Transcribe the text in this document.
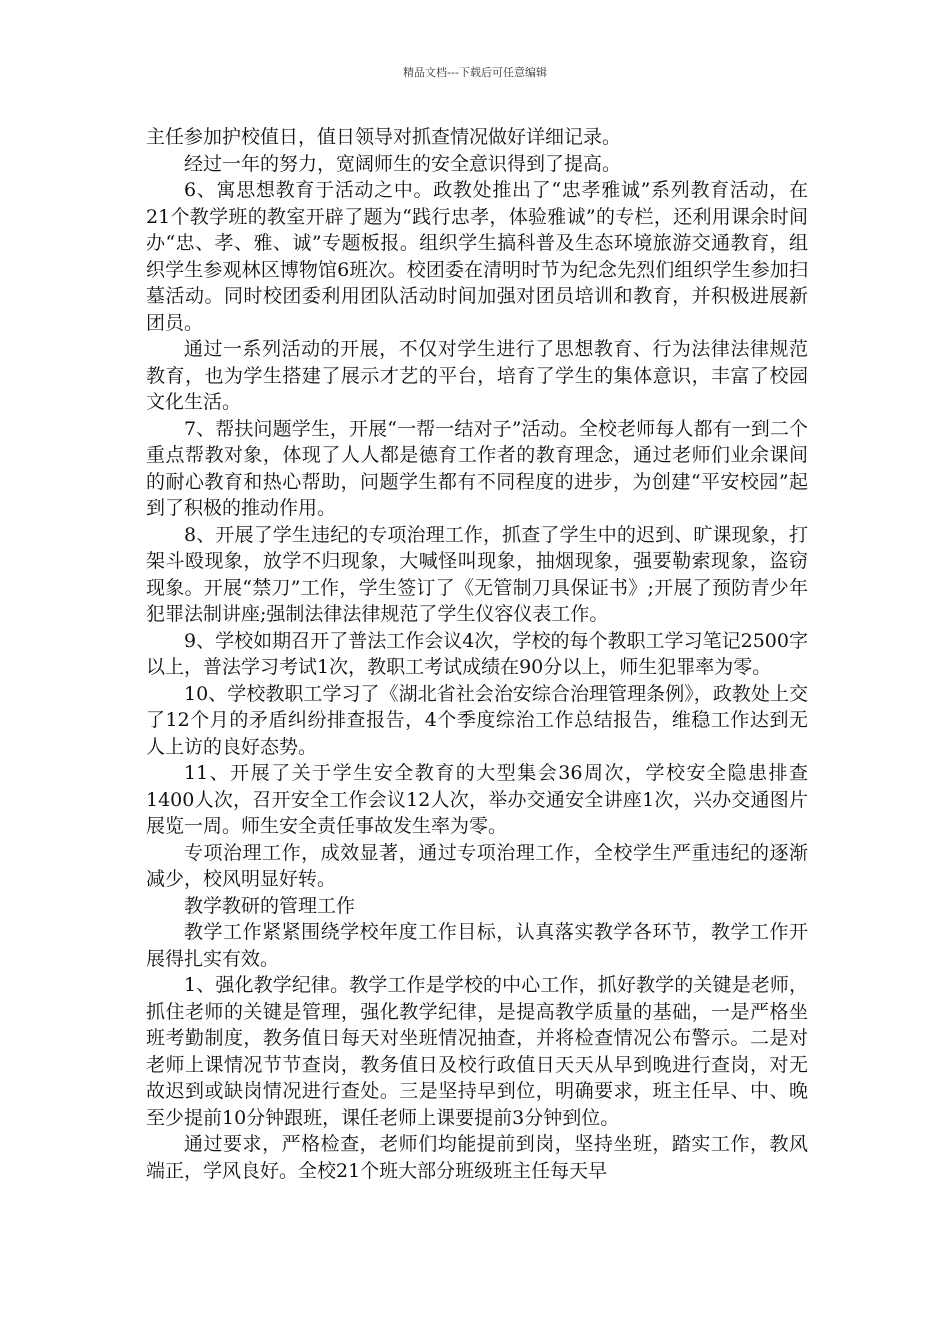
精品文档---下载后可任意编辑

主任参加护校值日，值日领导对抓查情况做好详细记录。

经过一年的努力，宽阔师生的安全意识得到了提高。

6、寓思想教育于活动之中。政教处推出了“忠孝雅诚”系列教育活动，在21个教学班的教室开辟了题为“践行忠孝，体验雅诚”的专栏，还利用课余时间办“忠、孝、雅、诚”专题板报。组织学生搞科普及生态环境旅游交通教育，组织学生参观林区博物馆6班次。校团委在清明时节为纪念先烈们组织学生参加扫墓活动。同时校团委利用团队活动时间加强对团员培训和教育，并积极进展新团员。

通过一系列活动的开展，不仅对学生进行了思想教育、行为法律法律规范教育，也为学生搭建了展示才艺的平台，培育了学生的集体意识，丰富了校园文化生活。

7、帮扶问题学生，开展“一帮一结对子”活动。全校老师每人都有一到二个重点帮教对象，体现了人人都是德育工作者的教育理念，通过老师们业余课间的耐心教育和热心帮助，问题学生都有不同程度的进步，为创建“平安校园”起到了积极的推动作用。

8、开展了学生违纪的专项治理工作，抓查了学生中的迟到、旷课现象，打架斗殴现象，放学不归现象，大喊怪叫现象，抽烟现象，强要勒索现象，盗窃现象。开展“禁刀”工作，学生签订了《无管制刀具保证书》;开展了预防青少年犯罪法制讲座;强制法律法律规范了学生仪容仪表工作。

9、学校如期召开了普法工作会议4次，学校的每个教职工学习笔记2500字以上，普法学习考试1次，教职工考试成绩在90分以上，师生犯罪率为零。

10、学校教职工学习了《湖北省社会治安综合治理管理条例》，政教处上交了12个月的矛盾纠纷排查报告，4个季度综治工作总结报告，维稳工作达到无人上访的良好态势。

11、开展了关于学生安全教育的大型集会36周次，学校安全隐患排查1400人次，召开安全工作会议12人次，举办交通安全讲座1次，兴办交通图片展览一周。师生安全责任事故发生率为零。

专项治理工作，成效显著，通过专项治理工作，全校学生严重违纪的逐渐减少，校风明显好转。

教学教研的管理工作

教学工作紧紧围绕学校年度工作目标，认真落实教学各环节，教学工作开展得扎实有效。

1、强化教学纪律。教学工作是学校的中心工作，抓好教学的关键是老师，抓住老师的关键是管理，强化教学纪律，是提高教学质量的基础，一是严格坐班考勤制度，教务值日每天对坐班情况抽查，并将检查情况公布警示。二是对老师上课情况节节查岗，教务值日及校行政值日天天从早到晚进行查岗，对无故迟到或缺岗情况进行查处。三是坚持早到位，明确要求，班主任早、中、晚至少提前10分钟跟班，课任老师上课要提前3分钟到位。

通过要求，严格检查，老师们均能提前到岗，坚持坐班，踏实工作，教风端正，学风良好。全校21个班大部分班级班主任每天早
